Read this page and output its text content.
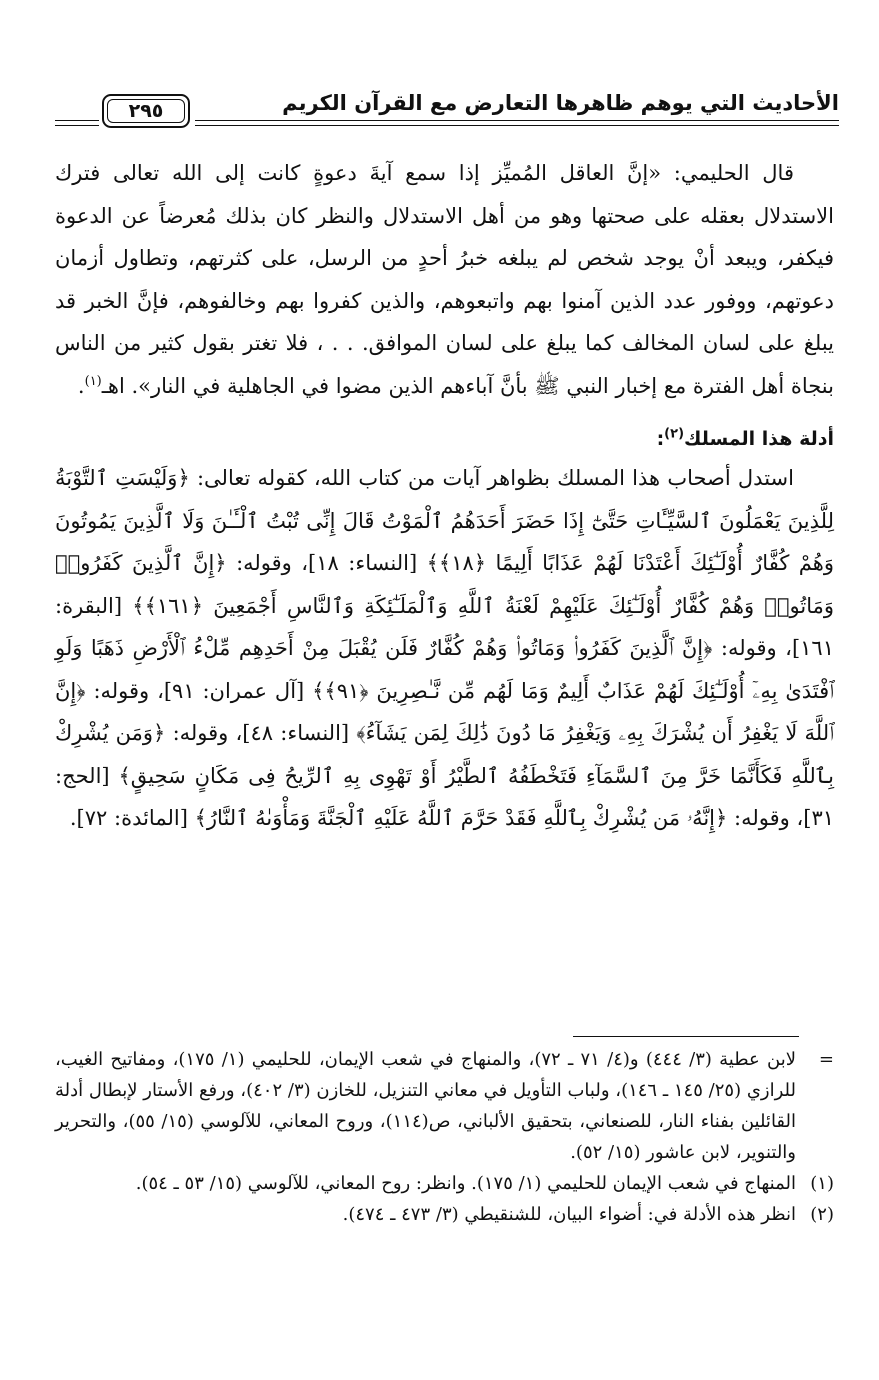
الأحاديث التي يوهم ظاهرها التعارض مع القرآن الكريم
٢٩٥

قال الحليمي: «إنَّ العاقل المُميِّز إذا سمع آيةَ دعوةٍ كانت إلى الله تعالى فترك الاستدلال بعقله على صحتها وهو من أهل الاستدلال والنظر كان بذلك مُعرضاً عن الدعوة فيكفر، ويبعد أنْ يوجد شخص لم يبلغه خبرُ أحدٍ من الرسل، على كثرتهم، وتطاول أزمان دعوتهم، ووفور عدد الذين آمنوا بهم واتبعوهم، والذين كفروا بهم وخالفوهم، فإنَّ الخبر قد يبلغ على لسان المخالف كما يبلغ على لسان الموافق. . . ، فلا تغتر بقول كثير من الناس بنجاة أهل الفترة مع إخبار النبي ﷺ بأنَّ آباءهم الذين مضوا في الجاهلية في النار». اهـ$^{(١)}$.

أدلة هذا المسلك$^{(٢)}$:

استدل أصحاب هذا المسلك بظواهر آيات من كتاب الله، كقوله تعالى: ﴿وَلَيْسَتِ ٱلتَّوْبَةُ لِلَّذِينَ يَعْمَلُونَ ٱلسَّيِّـَٔاتِ حَتَّىٰٓ إِذَا حَضَرَ أَحَدَهُمُ ٱلْمَوْتُ قَالَ إِنِّى تُبْتُ ٱلْـَٔـٰنَ وَلَا ٱلَّذِينَ يَمُوتُونَ وَهُمْ كُفَّارٌ أُوْلَـٰٓئِكَ أَعْتَدْنَا لَهُمْ عَذَابًا أَلِيمًا ﴿١٨﴾﴾ [النساء: ١٨]، وقوله: ﴿إِنَّ ٱلَّذِينَ كَفَرُوا۟ وَمَاتُوا۟ وَهُمْ كُفَّارٌ أُوْلَـٰٓئِكَ عَلَيْهِمْ لَعْنَةُ ٱللَّهِ وَٱلْمَلَـٰٓئِكَةِ وَٱلنَّاسِ أَجْمَعِينَ ﴿١٦١﴾﴾ [البقرة: ١٦١]، وقوله: ﴿إِنَّ ٱلَّذِينَ كَفَرُوا۟ وَمَاتُوا۟ وَهُمْ كُفَّارٌ فَلَن يُقْبَلَ مِنْ أَحَدِهِم مِّلْءُ ٱلْأَرْضِ ذَهَبًا وَلَوِ ٱفْتَدَىٰ بِهِۦٓ أُوْلَـٰٓئِكَ لَهُمْ عَذَابٌ أَلِيمٌ وَمَا لَهُم مِّن نَّـٰصِرِينَ ﴿٩١﴾﴾ [آل عمران: ٩١]، وقوله: ﴿إِنَّ ٱللَّهَ لَا يَغْفِرُ أَن يُشْرَكَ بِهِۦ وَيَغْفِرُ مَا دُونَ ذَٰلِكَ لِمَن يَشَآءُ﴾ [النساء: ٤٨]، وقوله: ﴿وَمَن يُشْرِكْ بِٱللَّهِ فَكَأَنَّمَا خَرَّ مِنَ ٱلسَّمَآءِ فَتَخْطَفُهُ ٱلطَّيْرُ أَوْ تَهْوِى بِهِ ٱلرِّيحُ فِى مَكَانٍ سَحِيقٍ﴾ [الحج: ٣١]، وقوله: ﴿إِنَّهُۥ مَن يُشْرِكْ بِٱللَّهِ فَقَدْ حَرَّمَ ٱللَّهُ عَلَيْهِ ٱلْجَنَّةَ وَمَأْوَىٰهُ ٱلنَّارُ﴾ [المائدة: ٧٢].

=
لابن عطية (٣/ ٤٤٤) و(٤/ ٧١ ـ ٧٢)، والمنهاج في شعب الإيمان، للحليمي (١/ ١٧٥)، ومفاتيح الغيب، للرازي (٢٥/ ١٤٥ ـ ١٤٦)، ولباب التأويل في معاني التنزيل، للخازن (٣/ ٤٠٢)، ورفع الأستار لإبطال أدلة القائلين بفناء النار، للصنعاني، بتحقيق الألباني، ص(١١٤)، وروح المعاني، للآلوسي (١٥/ ٥٥)، والتحرير والتنوير، لابن عاشور (١٥/ ٥٢).
(١)
المنهاج في شعب الإيمان للحليمي (١/ ١٧٥). وانظر: روح المعاني، للآلوسي (١٥/ ٥٣ ـ ٥٤).
(٢)
انظر هذه الأدلة في: أضواء البيان، للشنقيطي (٣/ ٤٧٣ ـ ٤٧٤).
